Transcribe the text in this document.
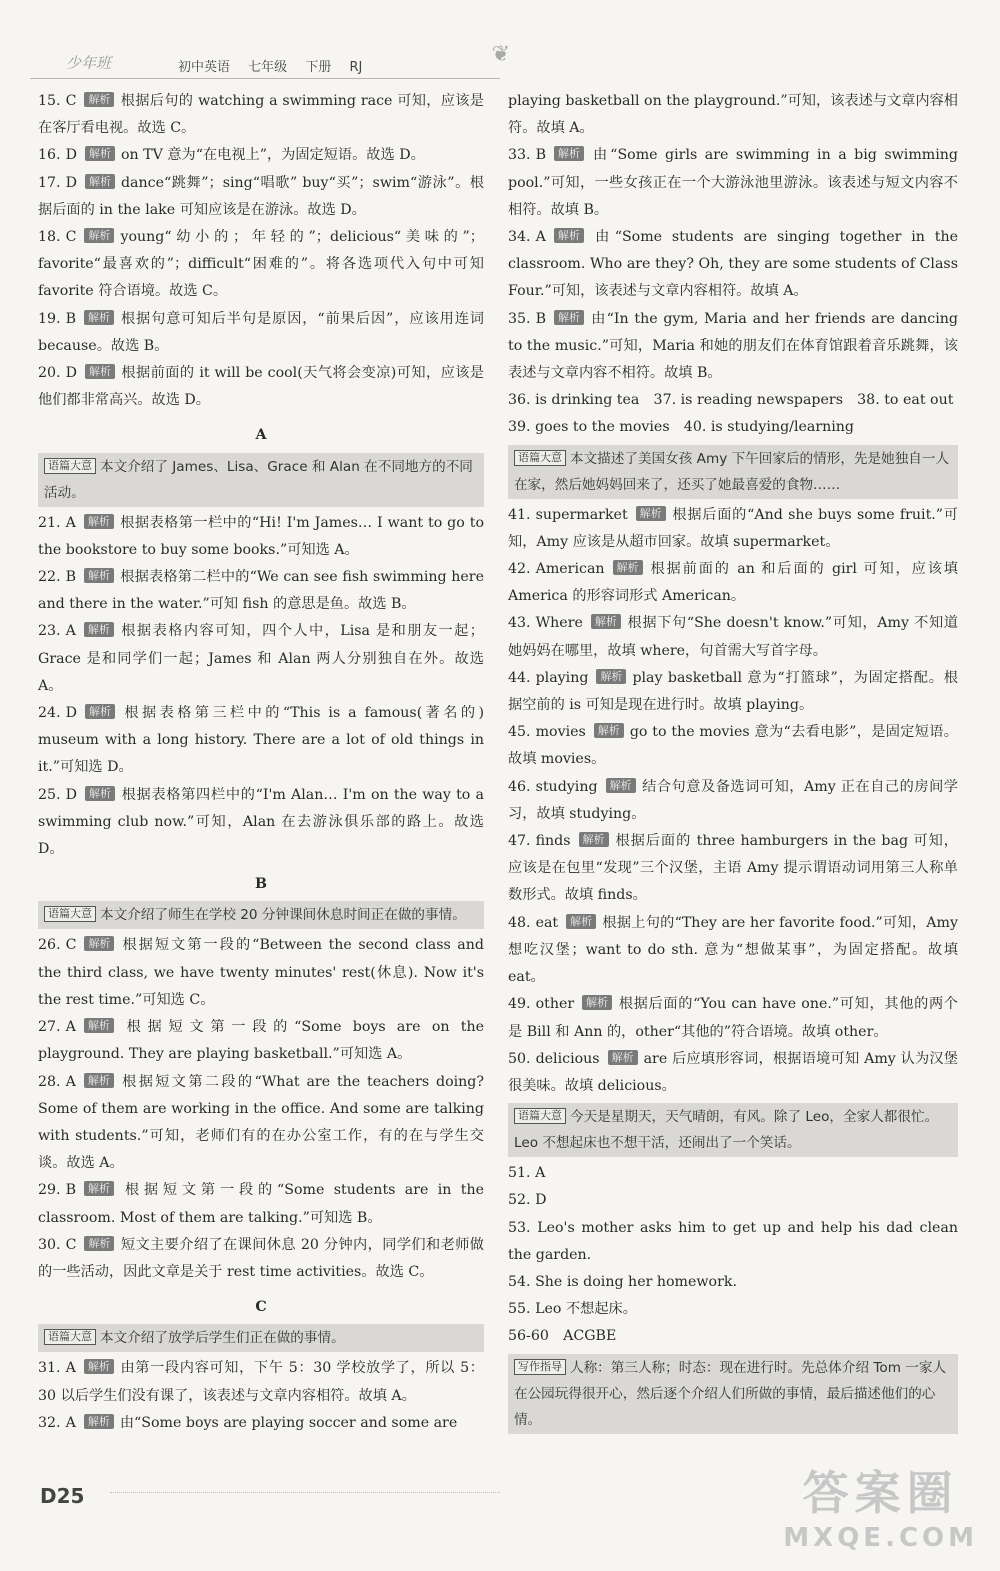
少年班	初中英语 七年级 下册 RJ
❦
15. C 解析 根据后句的 watching a swimming race 可知，应该是在客厅看电视。故选 C。
16. D 解析 on TV 意为“在电视上”，为固定短语。故选 D。
17. D 解析 dance“跳舞”；sing“唱歌” buy“买”；swim“游泳”。根据后面的 in the lake 可知应该是在游泳。故选 D。
18. C 解析 young“幼小的；年轻的”；delicious“美味的”；favorite“最喜欢的”；difficult“困难的”。将各选项代入句中可知 favorite 符合语境。故选 C。
19. B 解析 根据句意可知后半句是原因，“前果后因”，应该用连词 because。故选 B。
20. D 解析 根据前面的 it will be cool(天气将会变凉)可知，应该是他们都非常高兴。故选 D。
A
语篇大意 本文介绍了 James、Lisa、Grace 和 Alan 在不同地方的不同活动。
21. A 解析 根据表格第一栏中的“Hi! I'm James… I want to go to the bookstore to buy some books.”可知选 A。
22. B 解析 根据表格第二栏中的“We can see fish swimming here and there in the water.”可知 fish 的意思是鱼。故选 B。
23. A 解析 根据表格内容可知，四个人中，Lisa 是和朋友一起；Grace 是和同学们一起；James 和 Alan 两人分别独自在外。故选 A。
24. D 解析 根据表格第三栏中的“This is a famous(著名的) museum with a long history. There are a lot of old things in it.”可知选 D。
25. D 解析 根据表格第四栏中的“I'm Alan… I'm on the way to a swimming club now.”可知，Alan 在去游泳俱乐部的路上。故选 D。
B
语篇大意 本文介绍了师生在学校 20 分钟课间休息时间正在做的事情。
26. C 解析 根据短文第一段的“Between the second class and the third class, we have twenty minutes' rest(休息). Now it's the rest time.”可知选 C。
27. A 解析 根据短文第一段的“Some boys are on the playground. They are playing basketball.”可知选 A。
28. A 解析 根据短文第二段的“What are the teachers doing? Some of them are working in the office. And some are talking with students.”可知，老师们有的在办公室工作，有的在与学生交谈。故选 A。
29. B 解析 根据短文第一段的“Some students are in the classroom. Most of them are talking.”可知选 B。
30. C 解析 短文主要介绍了在课间休息 20 分钟内，同学们和老师做的一些活动，因此文章是关于 rest time activities。故选 C。
C
语篇大意 本文介绍了放学后学生们正在做的事情。
31. A 解析 由第一段内容可知，下午 5：30 学校放学了，所以 5：30 以后学生们没有课了，该表述与文章内容相符。故填 A。
32. A 解析 由“Some boys are playing soccer and some are
playing basketball on the playground.”可知，该表述与文章内容相符。故填 A。
33. B 解析 由“Some girls are swimming in a big swimming pool.”可知，一些女孩正在一个大游泳池里游泳。该表述与短文内容不相符。故填 B。
34. A 解析 由“Some students are singing together in the classroom. Who are they? Oh, they are some students of Class Four.”可知，该表述与文章内容相符。故填 A。
35. B 解析 由“In the gym, Maria and her friends are dancing to the music.”可知，Maria 和她的朋友们在体育馆跟着音乐跳舞，该表述与文章内容不相符。故填 B。
36. is drinking tea　37. is reading newspapers　38. to eat out
39. goes to the movies　40. is studying/learning
语篇大意 本文描述了美国女孩 Amy 下午回家后的情形，先是她独自一人在家，然后她妈妈回来了，还买了她最喜爱的食物……
41. supermarket 解析 根据后面的“And she buys some fruit.”可知，Amy 应该是从超市回家。故填 supermarket。
42. American 解析 根据前面的 an 和后面的 girl 可知，应该填 America 的形容词形式 American。
43. Where 解析 根据下句“She doesn't know.”可知，Amy 不知道她妈妈在哪里，故填 where，句首需大写首字母。
44. playing 解析 play basketball 意为“打篮球”，为固定搭配。根据空前的 is 可知是现在进行时。故填 playing。
45. movies 解析 go to the movies 意为“去看电影”，是固定短语。故填 movies。
46. studying 解析 结合句意及备选词可知，Amy 正在自己的房间学习，故填 studying。
47. finds 解析 根据后面的 three hamburgers in the bag 可知，应该是在包里“发现”三个汉堡，主语 Amy 提示谓语动词用第三人称单数形式。故填 finds。
48. eat 解析 根据上句的“They are her favorite food.”可知，Amy 想吃汉堡；want to do sth. 意为“想做某事”，为固定搭配。故填 eat。
49. other 解析 根据后面的“You can have one.”可知，其他的两个是 Bill 和 Ann 的，other“其他的”符合语境。故填 other。
50. delicious 解析 are 后应填形容词，根据语境可知 Amy 认为汉堡很美味。故填 delicious。
语篇大意 今天是星期天，天气晴朗，有风。除了 Leo，全家人都很忙。Leo 不想起床也不想干活，还闹出了一个笑话。
51. A
52. D
53. Leo's mother asks him to get up and help his dad clean the garden.
54. She is doing her homework.
55. Leo 不想起床。
56-60　ACGBE
写作指导 人称：第三人称；时态：现在进行时。先总体介绍 Tom 一家人在公园玩得很开心，然后逐个介绍人们所做的事情，最后描述他们的心情。
D25	答案圈
MXQE.COM
